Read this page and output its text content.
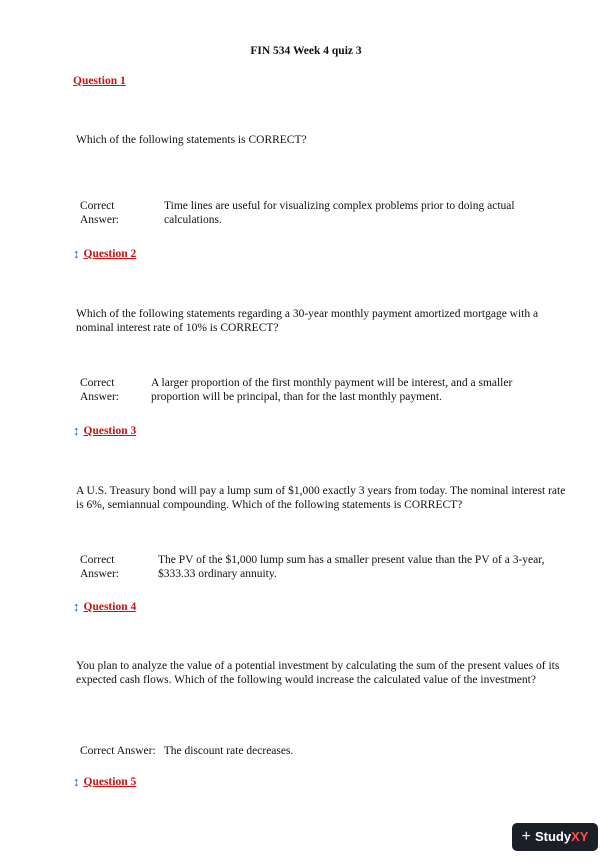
FIN 534 Week 4 quiz 3
Question 1
Which of the following statements is CORRECT?
Correct Answer:
Time lines are useful for visualizing complex problems prior to doing actual calculations.
↕ Question 2
Which of the following statements regarding a 30-year monthly payment amortized mortgage with a nominal interest rate of 10% is CORRECT?
Correct Answer:
A larger proportion of the first monthly payment will be interest, and a smaller proportion will be principal, than for the last monthly payment.
↕ Question 3
A U.S. Treasury bond will pay a lump sum of $1,000 exactly 3 years from today. The nominal interest rate is 6%, semiannual compounding. Which of the following statements is CORRECT?
Correct Answer:
The PV of the $1,000 lump sum has a smaller present value than the PV of a 3-year, $333.33 ordinary annuity.
↕ Question 4
You plan to analyze the value of a potential investment by calculating the sum of the present values of its expected cash flows. Which of the following would increase the calculated value of the investment?
Correct Answer: The discount rate decreases.
↕ Question 5
+ Study XY
